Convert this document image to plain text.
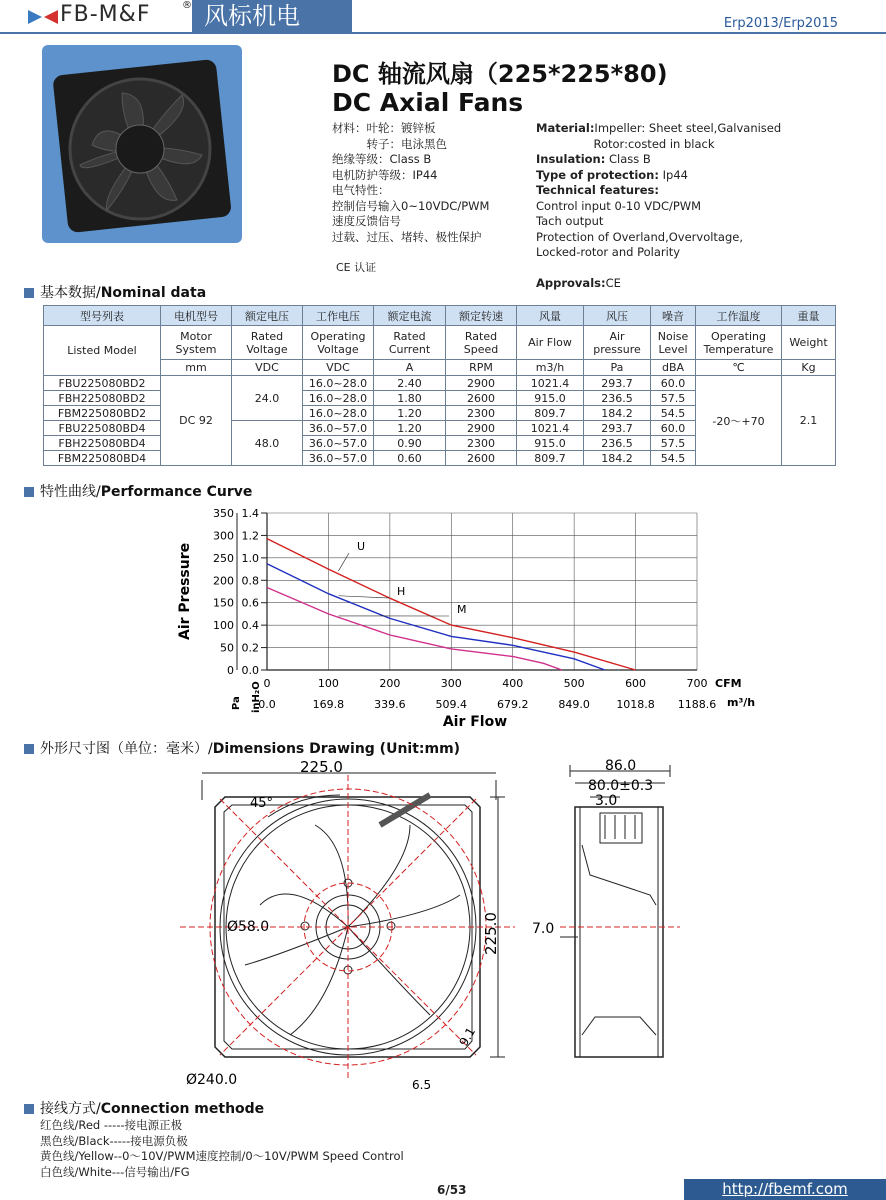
FB-M&F	® 风标机电	Erp2013/Erp2015
DC 轴流风扇（225*225*80)
DC Axial Fans
材料：叶轮：镀锌板
　　　转子：电泳黑色
绝缘等级：Class B
电机防护等级：IP44
电气特性：
控制信号输入0~10VDC/PWM
速度反馈信号
过载、过压、堵转、极性保护
CE 认证
Material:Impeller: Sheet steel,Galvanised
　　　　　Rotor:costed in black
Insulation: Class B
Type of protection: Ip44
Technical features:
Control input 0-10 VDC/PWM
Tach output
Protection of Overland,Overvoltage,
Locked-rotor and Polarity
Approvals:CE
基本数据/Nominal data
型号列表	电机型号	额定电压	工作电压	额定电流	额定转速	风量	风压	噪音	工作温度	重量
Listed Model	Motor System	Rated Voltage	Operating Voltage	Rated Current	Rated Speed	Air Flow	Air pressure	Noise Level	Operating Temperature	Weight
	mm	VDC	VDC	A	RPM	m3/h	Pa	dBA	℃	Kg
FBU225080BD2	DC 92	24.0	16.0~28.0	2.40	2900	1021.4	293.7	60.0	-20～+70	2.1
FBH225080BD2			16.0~28.0	1.80	2600	915.0	236.5	57.5		
FBM225080BD2			16.0~28.0	1.20	2300	809.7	184.2	54.5		
FBU225080BD4		48.0	36.0~57.0	1.20	2900	1021.4	293.7	60.0		
FBH225080BD4			36.0~57.0	0.90	2300	915.0	236.5	57.5		
FBM225080BD4			36.0~57.0	0.60	2600	809.7	184.2	54.5		
特性曲线/Performance Curve
0
0.0
100
169.8
200
339.6
300
509.4
400
679.2
500
849.0
600
1018.8
700
1188.6
0 0.0
50 0.2
100 0.4
150 0.6
200 0.8
250 1.0
300 1.2
350 1.4
U
H
M
Air Pressure
Air Flow
CFM
m³/h
Pa inH₂O
外形尺寸图（单位：毫米）/Dimensions Drawing (Unit:mm)
225.0
225.0
45°
Ø58.0
Ø240.0
9.1
6.5
86.0
80.0±0.3
3.0
7.0
接线方式/Connection methode
红色线/Red -----接电源正极
黑色线/Black-----接电源负极
黄色线/Yellow--0～10V/PWM速度控制/0～10V/PWM Speed Control
白色线/White---信号输出/FG
6/53	http://fbemf.com
